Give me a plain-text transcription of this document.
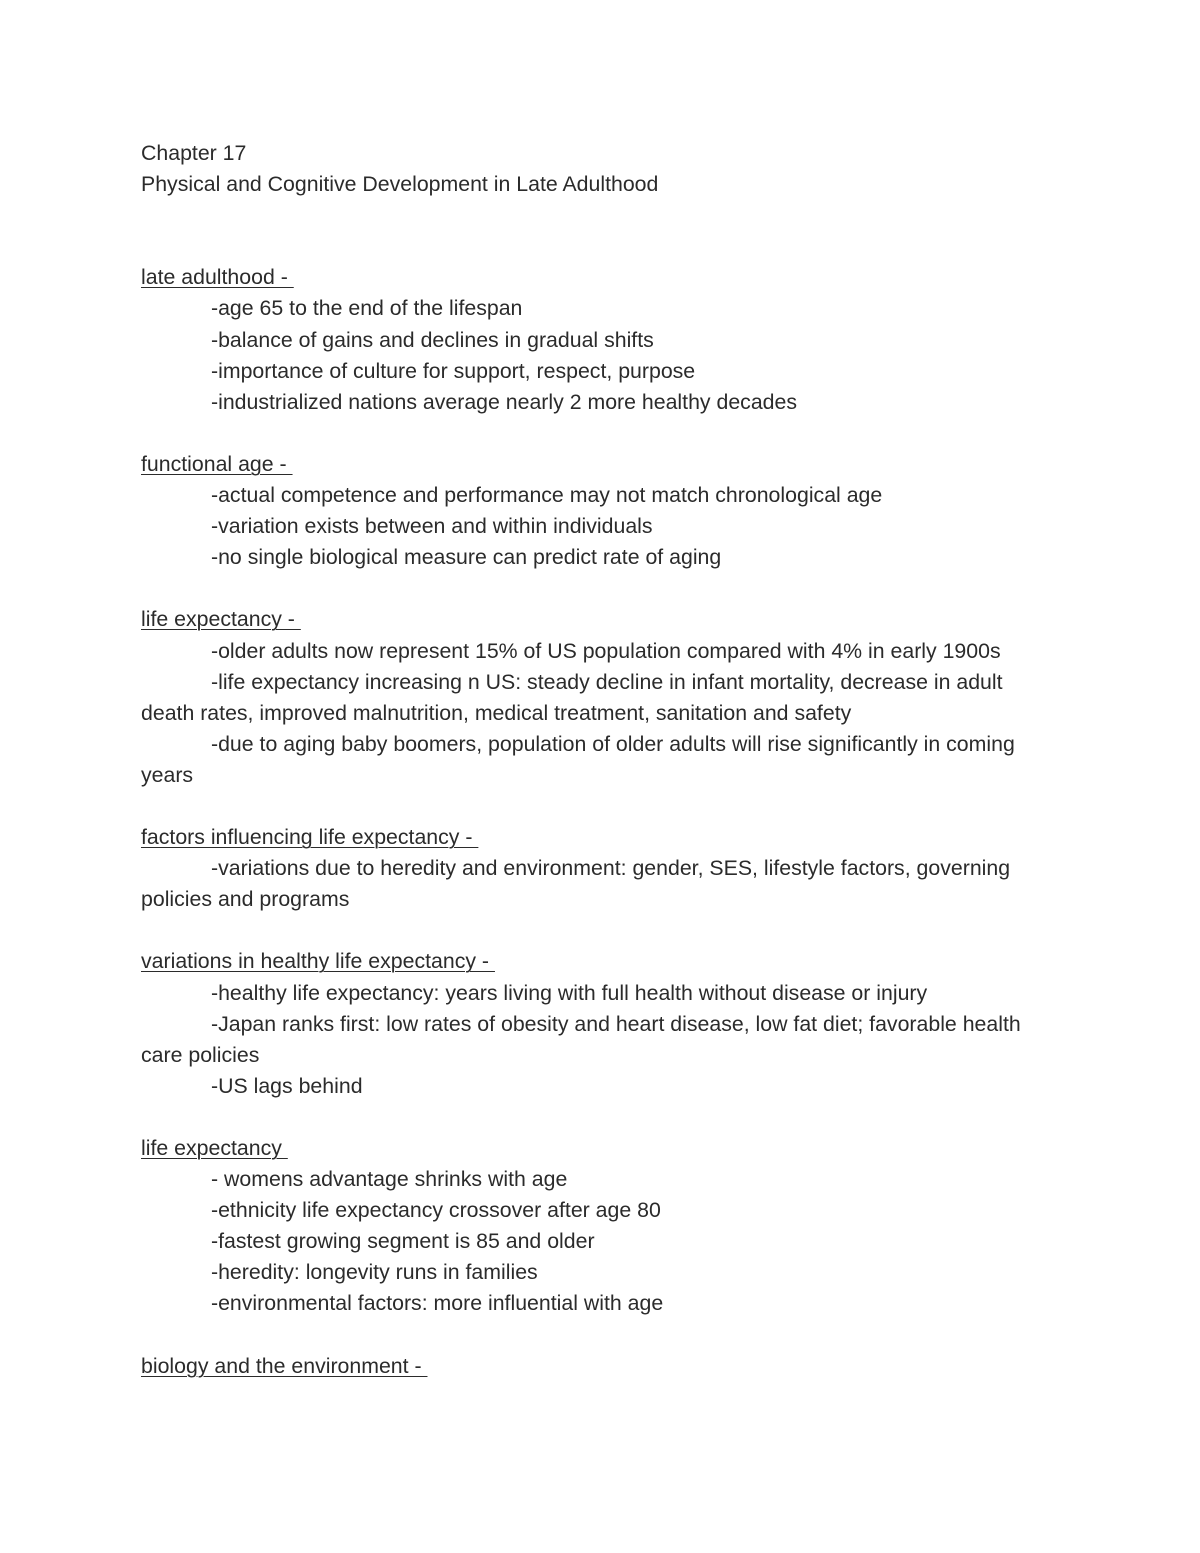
Chapter 17

Physical and Cognitive Development in Late Adulthood

late adulthood -

-age 65 to the end of the lifespan

-balance of gains and declines in gradual shifts

-importance of culture for support, respect, purpose

-industrialized nations average nearly 2 more healthy decades

functional age -

-actual competence and performance may not match chronological age

-variation exists between and within individuals

-no single biological measure can predict rate of aging

life expectancy -

-older adults now represent 15% of US population compared with 4% in early 1900s

-life expectancy increasing n US: steady decline in infant mortality, decrease in adult death rates, improved malnutrition, medical treatment, sanitation and safety

-due to aging baby boomers, population of older adults will rise significantly in coming years

factors influencing life expectancy -

-variations due to heredity and environment: gender, SES, lifestyle factors, governing policies and programs

variations in healthy life expectancy -

-healthy life expectancy: years living with full health without disease or injury

-Japan ranks first: low rates of obesity and heart disease, low fat diet; favorable health care policies

-US lags behind

life expectancy

- womens advantage shrinks with age

-ethnicity life expectancy crossover after age 80

-fastest growing segment is 85 and older

-heredity: longevity runs in families

-environmental factors: more influential with age

biology and the environment -
